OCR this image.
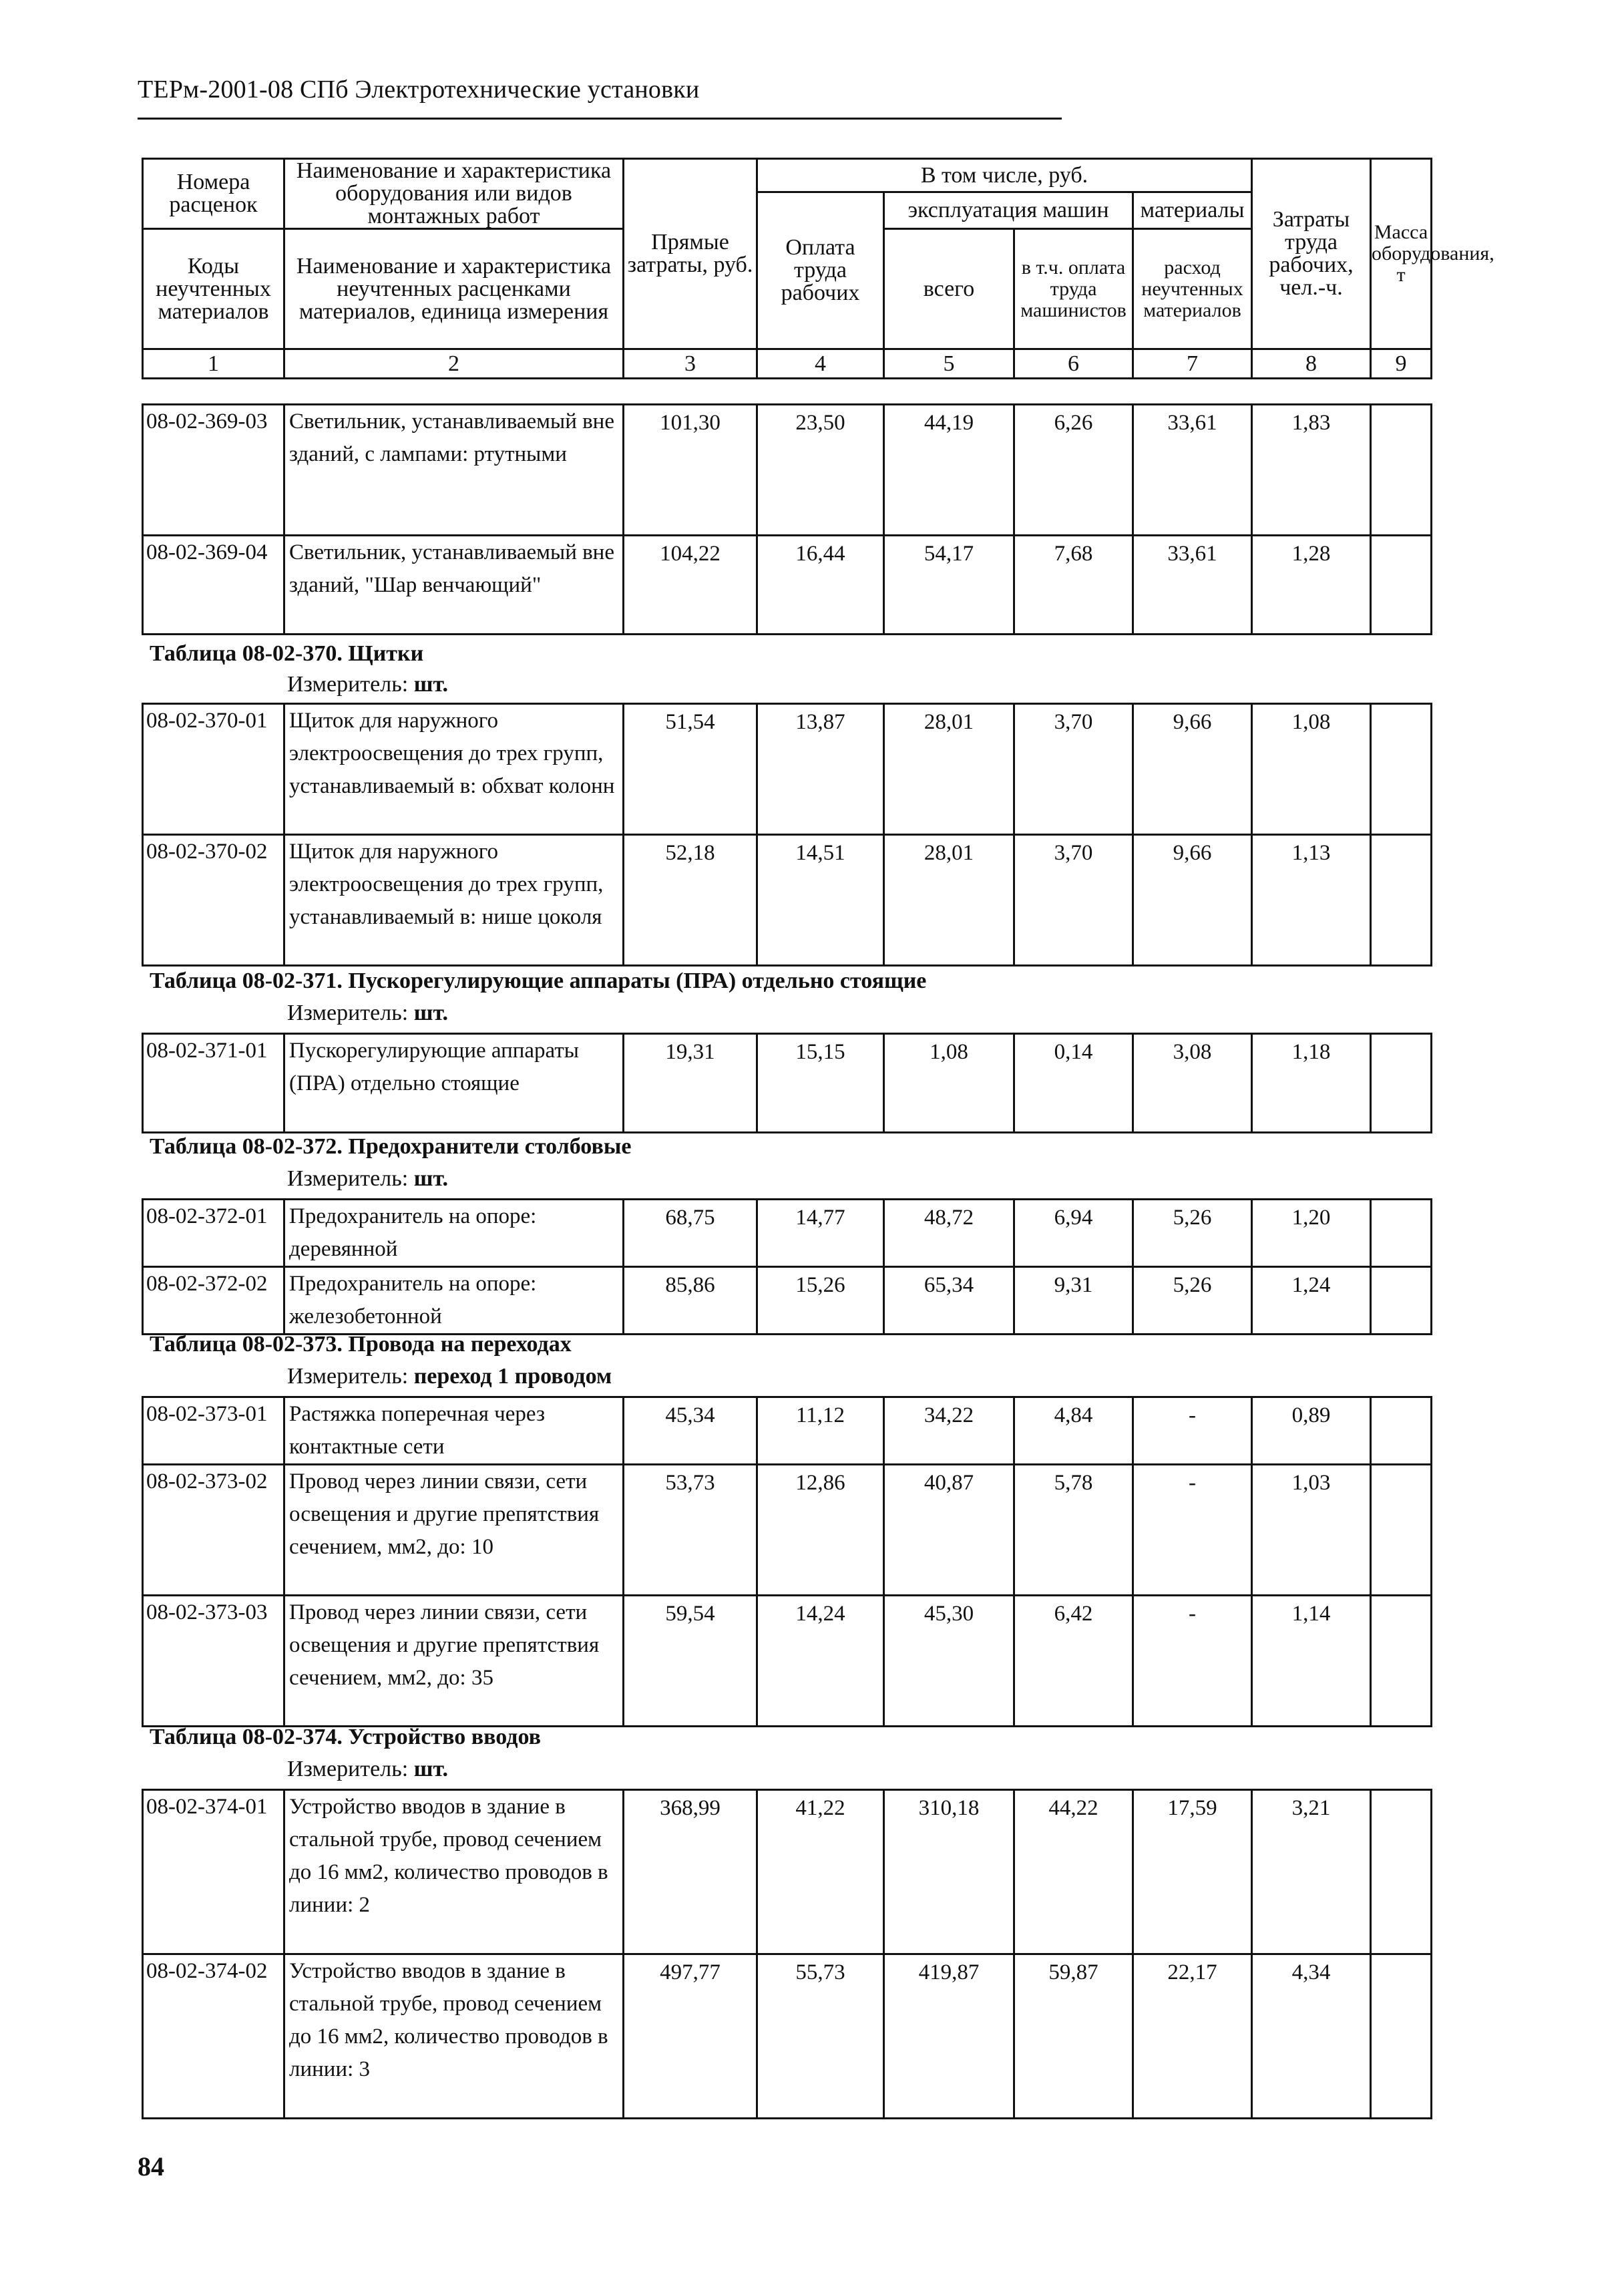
ТЕРм-2001-08 СПб Электротехнические установки
Номера расценок	Наименование и характеристика оборудования или видов монтажных работ	Прямые затраты, руб.	В том числе, руб.				Затраты труда рабочих, чел.-ч.	Масса оборудования, т
			Оплата труда рабочих	эксплуатация машин		материалы		
Коды неучтенных материалов	Наименование и характеристика неучтенных расценками материалов, единица измерения			всего	в т.ч. оплата труда машинистов	расход неучтенных материалов		

1	2	3	4	5	6	7	8	9
08-02-369-03	Светильник, устанавливаемый вне зданий, с лампами: ртутными	101,30	23,50	44,19	6,26	33,61	1,83	
08-02-369-04	Светильник, устанавливаемый вне зданий, "Шар венчающий"	104,22	16,44	54,17	7,68	33,61	1,28	
Таблица 08-02-370. Щитки
Измеритель: шт.
08-02-370-01	Щиток для наружного электроосвещения до трех групп, устанавливаемый в: обхват колонн	51,54	13,87	28,01	3,70	9,66	1,08	
08-02-370-02	Щиток для наружного электроосвещения до трех групп, устанавливаемый в: нише цоколя	52,18	14,51	28,01	3,70	9,66	1,13	
Таблица 08-02-371. Пускорегулирующие аппараты (ПРА) отдельно стоящие
Измеритель: шт.
08-02-371-01	Пускорегулирующие аппараты (ПРА) отдельно стоящие	19,31	15,15	1,08	0,14	3,08	1,18	
Таблица 08-02-372. Предохранители столбовые
Измеритель: шт.
08-02-372-01	Предохранитель на опоре: деревянной	68,75	14,77	48,72	6,94	5,26	1,20	
08-02-372-02	Предохранитель на опоре: железобетонной	85,86	15,26	65,34	9,31	5,26	1,24	
Таблица 08-02-373. Провода на переходах
Измеритель: переход 1 проводом
08-02-373-01	Растяжка поперечная через контактные сети	45,34	11,12	34,22	4,84	-	0,89	
08-02-373-02	Провод через линии связи, сети освещения и другие препятствия сечением, мм2, до: 10	53,73	12,86	40,87	5,78	-	1,03	
08-02-373-03	Провод через линии связи, сети освещения и другие препятствия сечением, мм2, до: 35	59,54	14,24	45,30	6,42	-	1,14	
Таблица 08-02-374. Устройство вводов
Измеритель: шт.
08-02-374-01	Устройство вводов в здание в стальной трубе, провод сечением до 16 мм2, количество проводов в линии: 2	368,99	41,22	310,18	44,22	17,59	3,21	
08-02-374-02	Устройство вводов в здание в стальной трубе, провод сечением до 16 мм2, количество проводов в линии: 3	497,77	55,73	419,87	59,87	22,17	4,34	
84
